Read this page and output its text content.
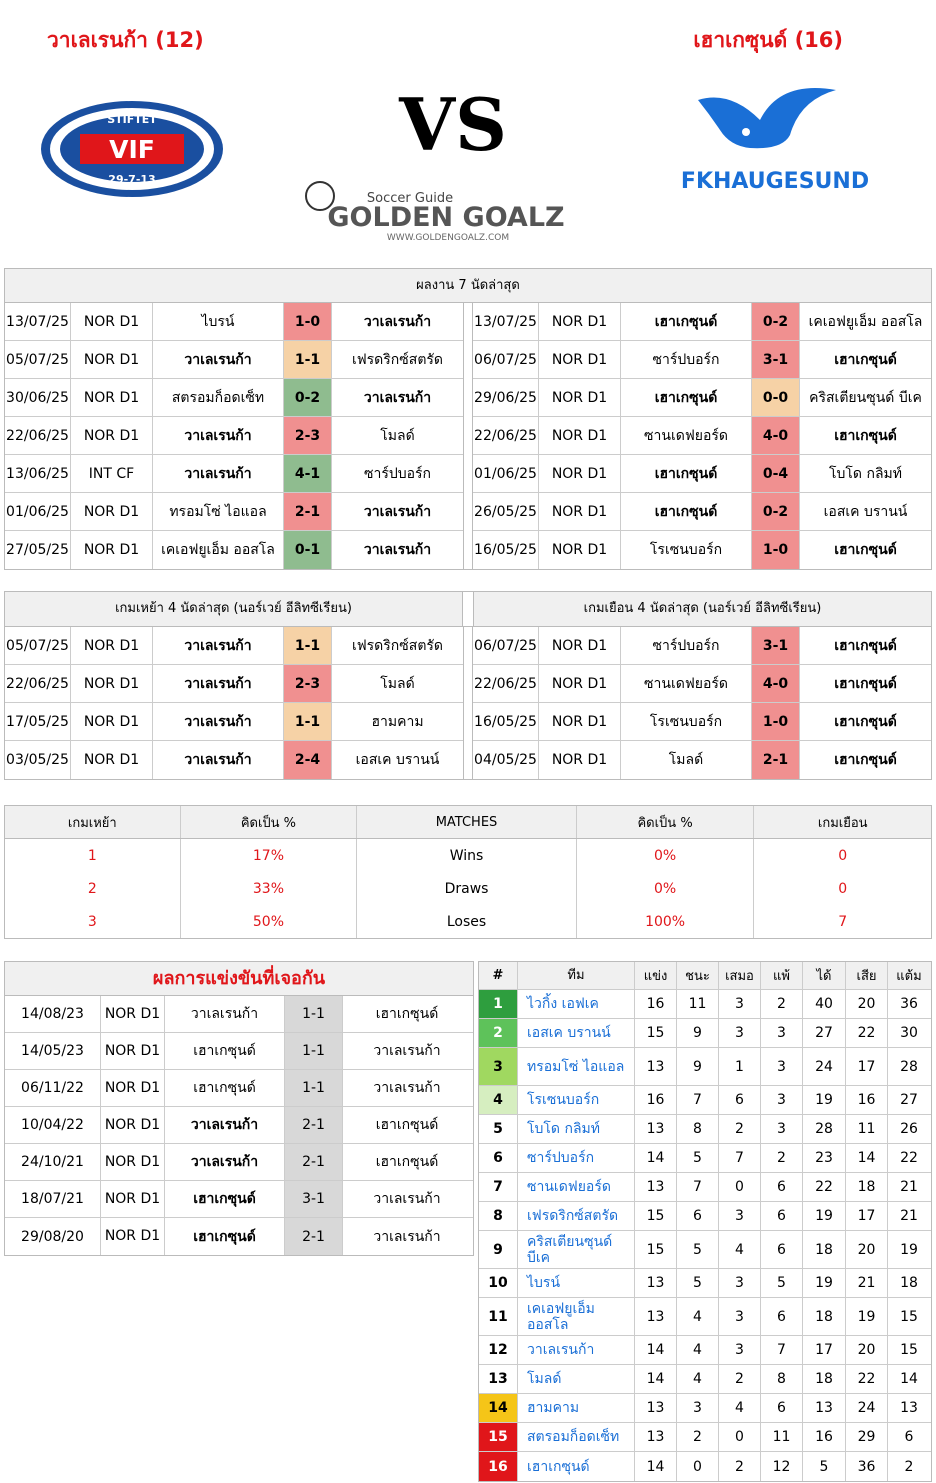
วาเลเรนก้า (12)	เฮาเกซุนด์ (16)
VIF
STIFTET
29-7-13
VS
FKHAUGESUND
Soccer Guide
GOLDEN GOALZ
WWW.GOLDENGOALZ.COM
ผลงาน 7 นัดล่าสุด
13/07/25	NOR D1	ไบรน์	1-0	วาเลเรนก้า
05/07/25	NOR D1	วาเลเรนก้า	1-1	เฟรดริกซ์สตรัด
30/06/25	NOR D1	สตรอมก็อดเซ็ท	0-2	วาเลเรนก้า
22/06/25	NOR D1	วาเลเรนก้า	2-3	โมลด์
13/06/25	INT CF	วาเลเรนก้า	4-1	ซาร์ปบอร์ก
01/06/25	NOR D1	ทรอมโซ่ ไอแอล	2-1	วาเลเรนก้า
27/05/25	NOR D1	เคเอฟยูเอ็ม ออสโล	0-1	วาเลเรนก้า
13/07/25	NOR D1	เฮาเกซุนด์	0-2	เคเอฟยูเอ็ม ออสโล
06/07/25	NOR D1	ซาร์ปบอร์ก	3-1	เฮาเกซุนด์
29/06/25	NOR D1	เฮาเกซุนด์	0-0	คริสเตียนซุนด์ บีเค
22/06/25	NOR D1	ซานเดฟยอร์ด	4-0	เฮาเกซุนด์
01/06/25	NOR D1	เฮาเกซุนด์	0-4	โบโด กลิมท์
26/05/25	NOR D1	เฮาเกซุนด์	0-2	เอสเค บรานน์
16/05/25	NOR D1	โรเซนบอร์ก	1-0	เฮาเกซุนด์
เกมเหย้า 4 นัดล่าสุด (นอร์เวย์ อีลิทซีเรียน)	เกมเยือน 4 นัดล่าสุด (นอร์เวย์ อีลิทซีเรียน)
05/07/25	NOR D1	วาเลเรนก้า	1-1	เฟรดริกซ์สตรัด
22/06/25	NOR D1	วาเลเรนก้า	2-3	โมลด์
17/05/25	NOR D1	วาเลเรนก้า	1-1	ฮามคาม
03/05/25	NOR D1	วาเลเรนก้า	2-4	เอสเค บรานน์
06/07/25	NOR D1	ซาร์ปบอร์ก	3-1	เฮาเกซุนด์
22/06/25	NOR D1	ซานเดฟยอร์ด	4-0	เฮาเกซุนด์
16/05/25	NOR D1	โรเซนบอร์ก	1-0	เฮาเกซุนด์
04/05/25	NOR D1	โมลด์	2-1	เฮาเกซุนด์
เกมเหย้า	คิดเป็น %	MATCHES	คิดเป็น %	เกมเยือน
1	17%	Wins	0%	0
2	33%	Draws	0%	0
3	50%	Loses	100%	7
ผลการแข่งขันที่เจอกัน
14/08/23	NOR D1	วาเลเรนก้า	1-1	เฮาเกซุนด์
14/05/23	NOR D1	เฮาเกซุนด์	1-1	วาเลเรนก้า
06/11/22	NOR D1	เฮาเกซุนด์	1-1	วาเลเรนก้า
10/04/22	NOR D1	วาเลเรนก้า	2-1	เฮาเกซุนด์
24/10/21	NOR D1	วาเลเรนก้า	2-1	เฮาเกซุนด์
18/07/21	NOR D1	เฮาเกซุนด์	3-1	วาเลเรนก้า
29/08/20	NOR D1	เฮาเกซุนด์	2-1	วาเลเรนก้า
#	ทีม	แข่ง	ชนะ	เสมอ	แพ้	ได้	เสีย	แต้ม
1	ไวกิ้ง เอฟเค	16	11	3	2	40	20	36
2	เอสเค บรานน์	15	9	3	3	27	22	30
3	ทรอมโซ่ ไอแอล	13	9	1	3	24	17	28
4	โรเซนบอร์ก	16	7	6	3	19	16	27
5	โบโด กลิมท์	13	8	2	3	28	11	26
6	ซาร์ปบอร์ก	14	5	7	2	23	14	22
7	ซานเดฟยอร์ด	13	7	0	6	22	18	21
8	เฟรดริกซ์สตรัด	15	6	3	6	19	17	21
9	คริสเตียนซุนด์ บีเค	15	5	4	6	18	20	19
10	ไบรน์	13	5	3	5	19	21	18
11	เคเอฟยูเอ็ม ออสโล	13	4	3	6	18	19	15
12	วาเลเรนก้า	14	4	3	7	17	20	15
13	โมลด์	14	4	2	8	18	22	14
14	ฮามคาม	13	3	4	6	13	24	13
15	สตรอมก็อดเซ็ท	13	2	0	11	16	29	6
16	เฮาเกซุนด์	14	0	2	12	5	36	2
